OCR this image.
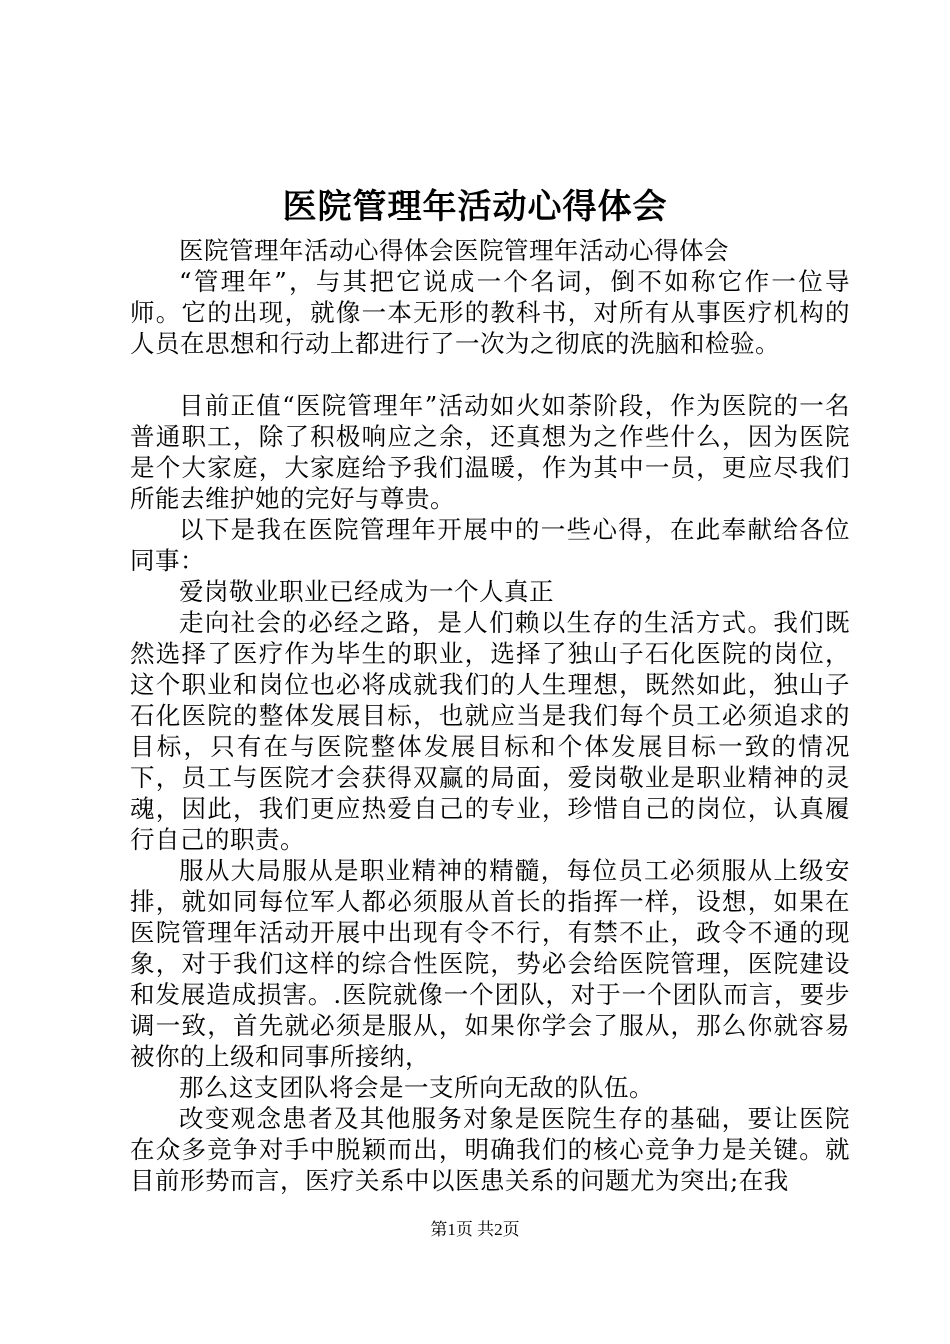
医院管理年活动心得体会

医院管理年活动心得体会医院管理年活动心得体会

“管理年”，与其把它说成一个名词，倒不如称它作一位导师。它的出现，就像一本无形的教科书，对所有从事医疗机构的人员在思想和行动上都进行了一次为之彻底的洗脑和检验。

目前正值“医院管理年”活动如火如荼阶段，作为医院的一名普通职工，除了积极响应之余，还真想为之作些什么，因为医院是个大家庭，大家庭给予我们温暖，作为其中一员，更应尽我们所能去维护她的完好与尊贵。

以下是我在医院管理年开展中的一些心得，在此奉献给各位同事：

爱岗敬业职业已经成为一个人真正

走向社会的必经之路，是人们赖以生存的生活方式。我们既然选择了医疗作为毕生的职业，选择了独山子石化医院的岗位，这个职业和岗位也必将成就我们的人生理想，既然如此，独山子石化医院的整体发展目标，也就应当是我们每个员工必须追求的目标，只有在与医院整体发展目标和个体发展目标一致的情况下，员工与医院才会获得双赢的局面，爱岗敬业是职业精神的灵魂，因此，我们更应热爱自己的专业，珍惜自己的岗位，认真履行自己的职责。

服从大局服从是职业精神的精髓，每位员工必须服从上级安排，就如同每位军人都必须服从首长的指挥一样，设想，如果在医院管理年活动开展中出现有令不行，有禁不止，政令不通的现象，对于我们这样的综合性医院，势必会给医院管理，医院建设和发展造成损害。.医院就像一个团队，对于一个团队而言，要步调一致，首先就必须是服从，如果你学会了服从，那么你就容易被你的上级和同事所接纳，

那么这支团队将会是一支所向无敌的队伍。

改变观念患者及其他服务对象是医院生存的基础，要让医院在众多竞争对手中脱颖而出，明确我们的核心竞争力是关键。就目前形势而言，医疗关系中以医患关系的问题尤为突出;在我

第1页 共2页
